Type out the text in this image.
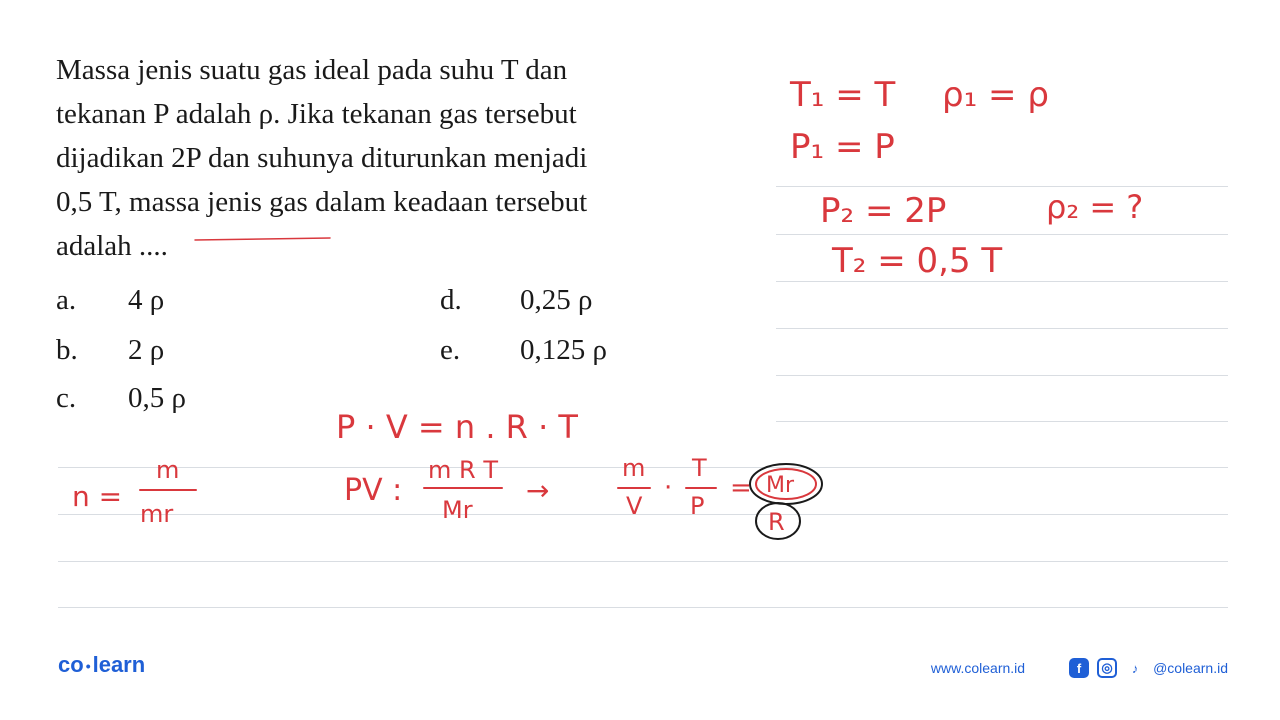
Massa jenis suatu gas ideal pada suhu T dan

tekanan P adalah ρ. Jika tekanan gas tersebut

dijadikan 2P dan suhunya diturunkan menjadi

0,5 T, massa jenis gas dalam keadaan tersebut

adalah ....

a. 4 ρ
b. 2 ρ
c. 0,5 ρ
d. 0,25 ρ
e. 0,125 ρ
T₁ = T ρ₁ = ρ
P₁ = P
P₂ = 2P	ρ₂ = ?
T₂ = 0,5 T
P · V = n . R · T
n =
m
mr
PV :
m R T
Mr
→
m
V
·
T
P
= Mr
R
co •learn	www.colearn.id	f	◎	♪	@colearn.id
